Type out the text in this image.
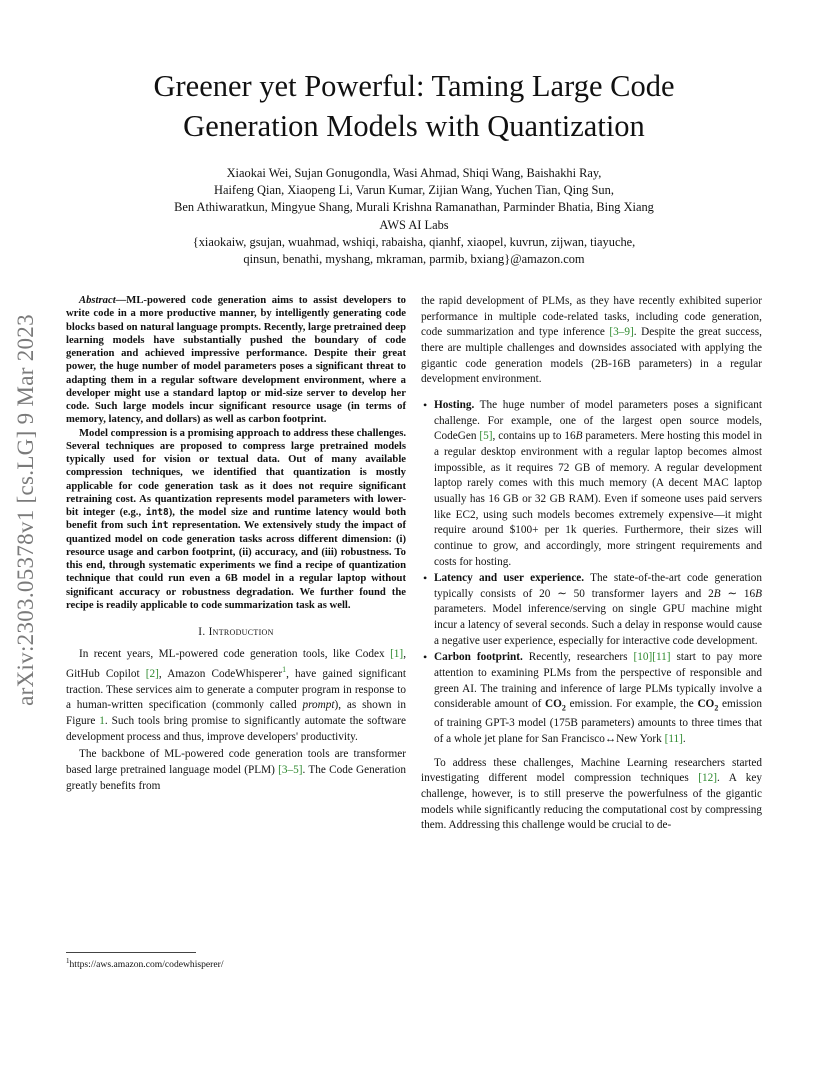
arXiv:2303.05378v1 [cs.LG] 9 Mar 2023
Greener yet Powerful: Taming Large Code
Generation Models with Quantization
Xiaokai Wei, Sujan Gonugondla, Wasi Ahmad, Shiqi Wang, Baishakhi Ray,
Haifeng Qian, Xiaopeng Li, Varun Kumar, Zijian Wang, Yuchen Tian, Qing Sun,
Ben Athiwaratkun, Mingyue Shang, Murali Krishna Ramanathan, Parminder Bhatia, Bing Xiang
AWS AI Labs
{xiaokaiw, gsujan, wuahmad, wshiqi, rabaisha, qianhf, xiaopel, kuvrun, zijwan, tiayuche,
qinsun, benathi, myshang, mkraman, parmib, bxiang}@amazon.com

Abstract—ML-powered code generation aims to assist developers to write code in a more productive manner, by intelligently generating code blocks based on natural language prompts. Recently, large pretrained deep learning models have substantially pushed the boundary of code generation and achieved impressive performance. Despite their great power, the huge number of model parameters poses a significant threat to adapting them in a regular software development environment, where a developer might use a standard laptop or mid-size server to develop her code. Such large models incur significant resource usage (in terms of memory, latency, and dollars) as well as carbon footprint.

Model compression is a promising approach to address these challenges. Several techniques are proposed to compress large pretrained models typically used for vision or textual data. Out of many available compression techniques, we identified that quantization is mostly applicable for code generation task as it does not require significant retraining cost. As quantization represents model parameters with lower-bit integer (e.g., int8), the model size and runtime latency would both benefit from such int representation. We extensively study the impact of quantized model on code generation tasks across different dimension: (i) resource usage and carbon footprint, (ii) accuracy, and (iii) robustness. To this end, through systematic experiments we find a recipe of quantization technique that could run even a 6B model in a regular laptop without significant accuracy or robustness degradation. We further found the recipe is readily applicable to code summarization task as well.

I. Introduction

In recent years, ML-powered code generation tools, like Codex [1], GitHub Copilot [2], Amazon CodeWhisperer$^1$, have gained significant traction. These services aim to generate a computer program in response to a human-written specification (commonly called prompt), as shown in Figure 1. Such tools bring promise to significantly automate the software development process and thus, improve developers' productivity.

The backbone of ML-powered code generation tools are transformer based large pretrained language model (PLM) [3–5]. The Code Generation greatly benefits from

$^1$https://aws.amazon.com/codewhisperer/

the rapid development of PLMs, as they have recently exhibited superior performance in multiple code-related tasks, including code generation, code summarization and type inference [3–9]. Despite the great success, there are multiple challenges and downsides associated with applying the gigantic code generation models (2B-16B parameters) in a regular development environment.

• Hosting. The huge number of model parameters poses a significant challenge. For example, one of the largest open source models, CodeGen [5], contains up to 16B parameters. Mere hosting this model in a regular desktop environment with a regular laptop becomes almost impossible, as it requires 72 GB of memory. A regular development laptop rarely comes with this much memory (A decent MAC laptop usually has 16 GB or 32 GB RAM). Even if someone uses paid servers like EC2, using such models becomes extremely expensive—it might require around $100+ per 1k queries. Furthermore, their sizes will continue to grow, and accordingly, more stringent requirements and costs for hosting.
• Latency and user experience. The state-of-the-art code generation typically consists of 20 ∼ 50 transformer layers and 2B ∼ 16B parameters. Model inference/serving on single GPU machine might incur a latency of several seconds. Such a delay in response would cause a negative user experience, especially for interactive code development.
• Carbon footprint. Recently, researchers [10][11] start to pay more attention to examining PLMs from the perspective of responsible and green AI. The training and inference of large PLMs typically involve a considerable amount of $CO_2$ emission. For example, the $CO_2$ emission of training GPT-3 model (175B parameters) amounts to three times that of a whole jet plane for San Francisco↔New York [11].

To address these challenges, Machine Learning researchers started investigating different model compression techniques [12]. A key challenge, however, is to still preserve the powerfulness of the gigantic models while significantly reducing the computational cost by compressing them. Addressing this challenge would be crucial to de-
